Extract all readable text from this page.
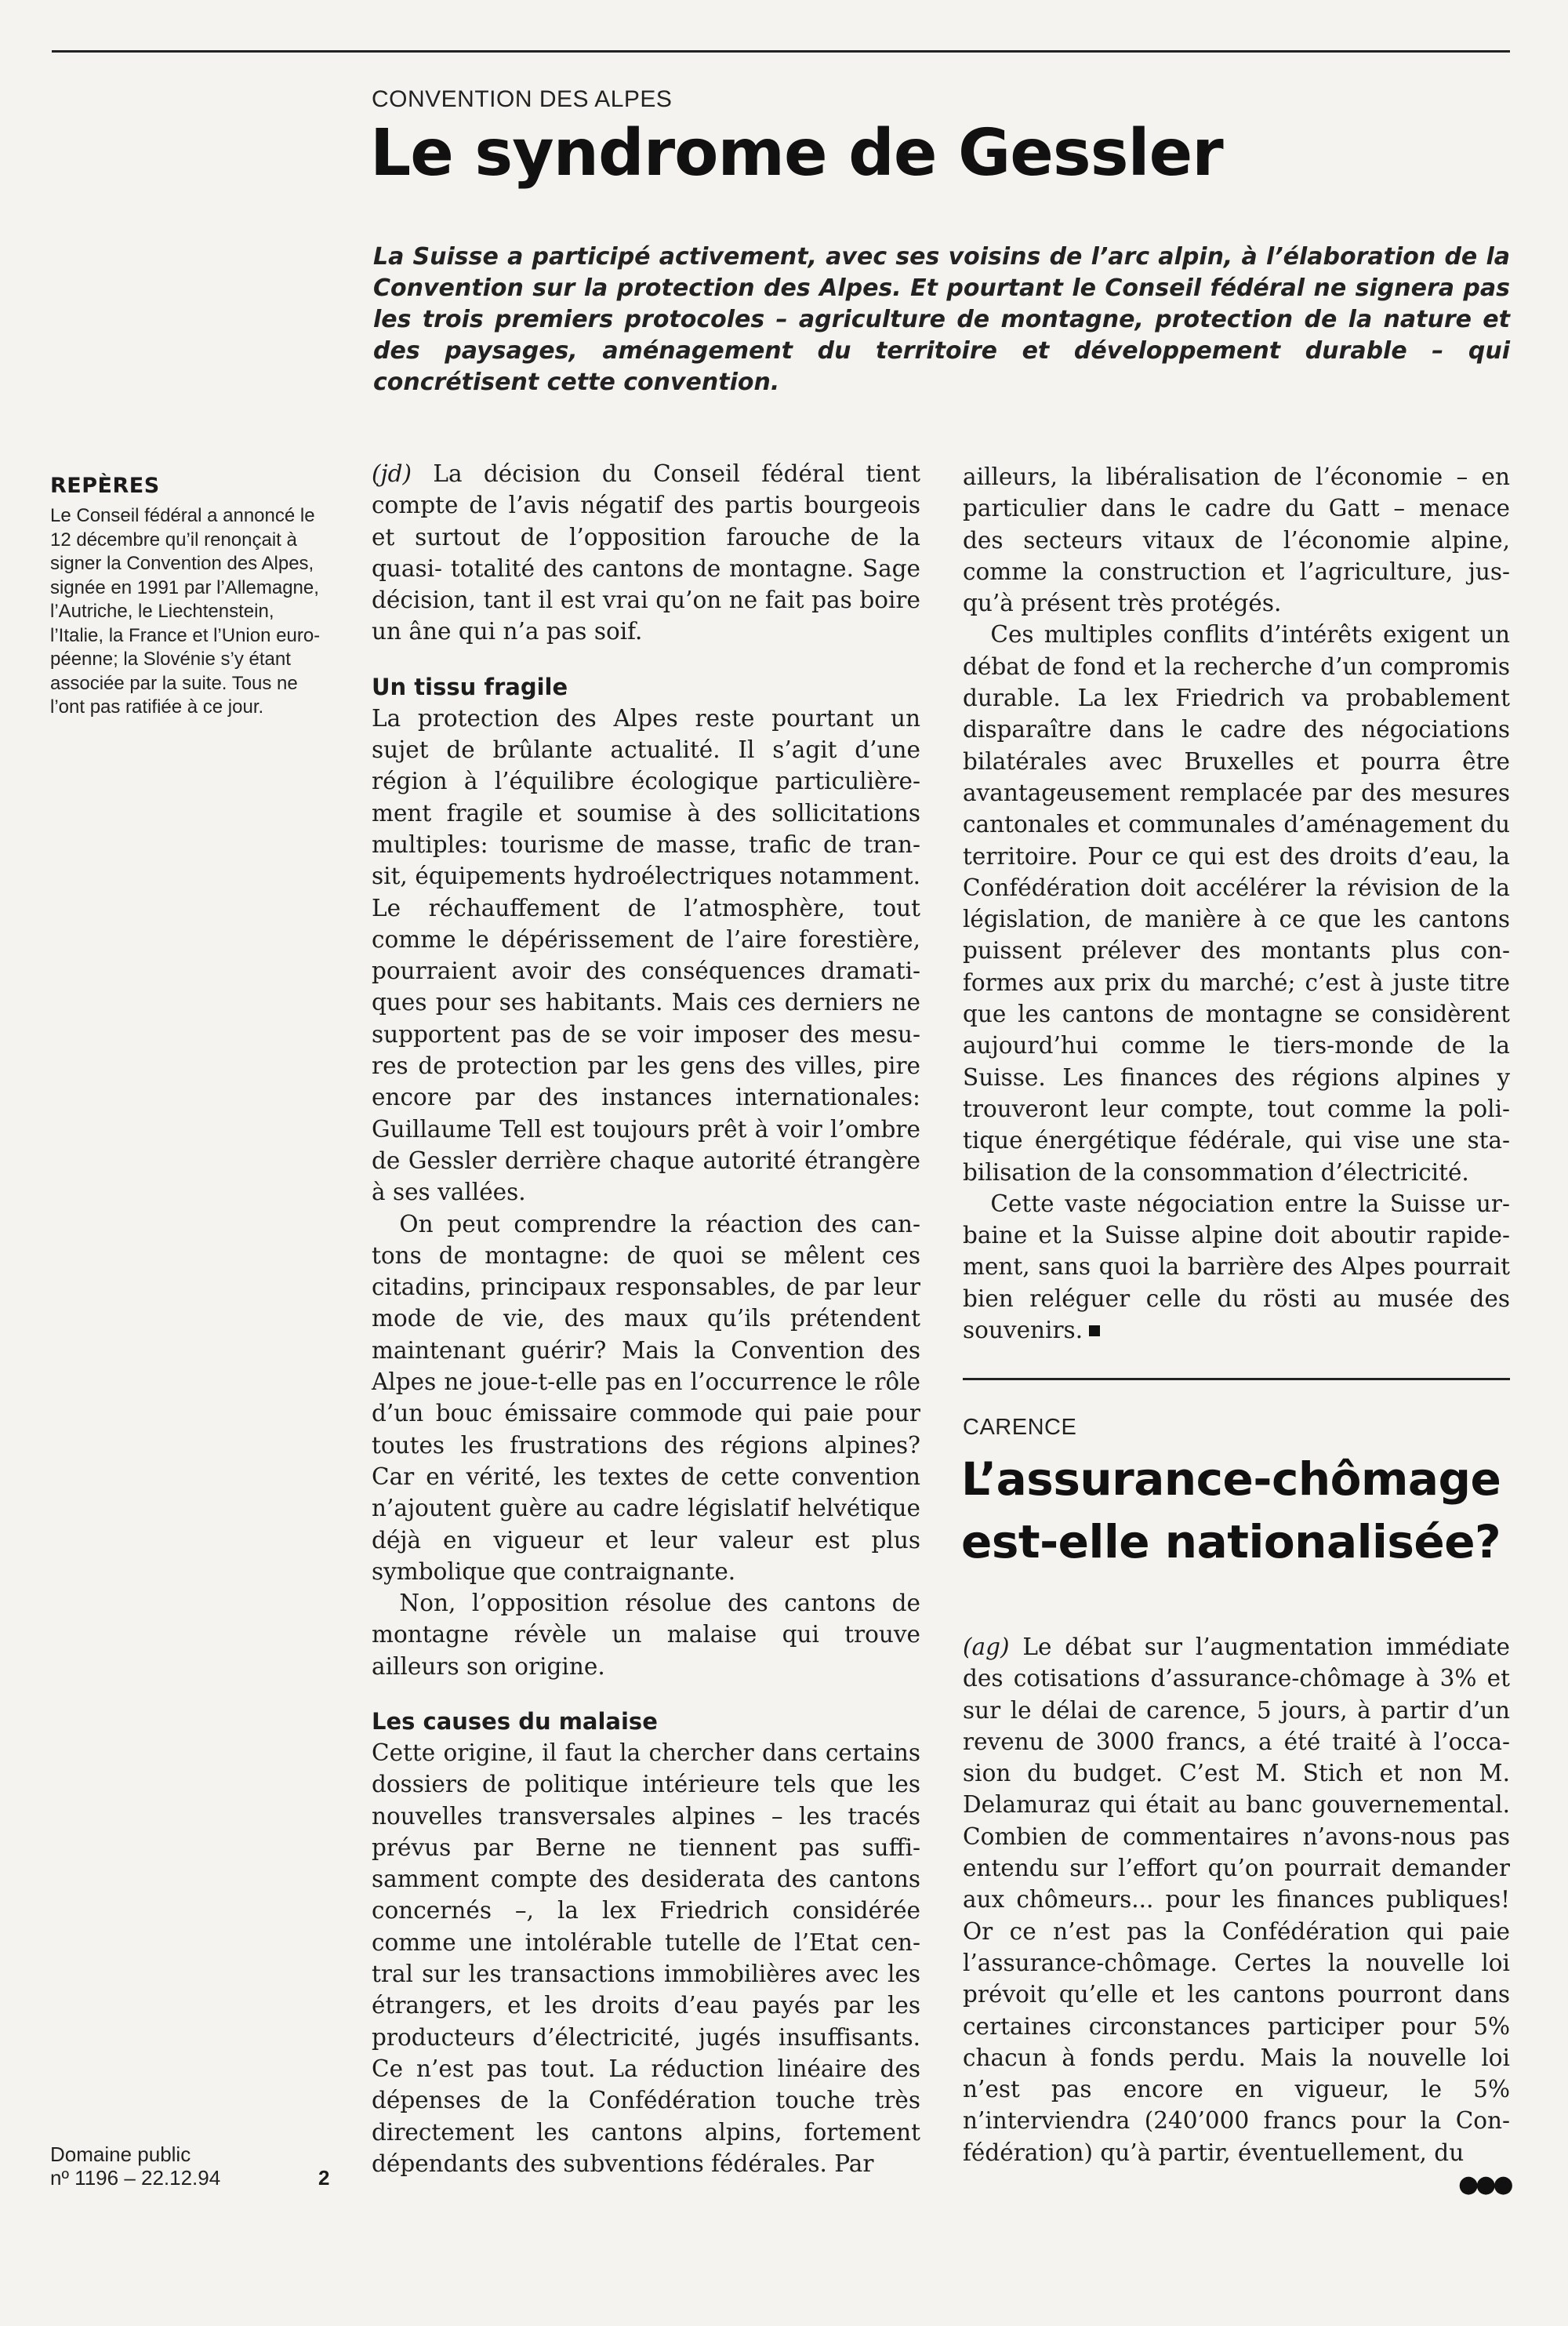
CONVENTION DES ALPES
Le syndrome de Gessler

La Suisse a participé activement, avec ses voisins de l’arc alpin, à l’élaboration de la Convention sur la protection des Alpes. Et pourtant le Conseil fédéral ne signera pas les trois premiers protocoles – agriculture de montagne, protection de la nature et des paysages, aménagement du territoire et développement durable – qui concrétisent cette convention.

REPÈRES

Le Conseil fédéral a annoncé le 12 décembre qu’il renonçait à signer la Convention des Alpes, signée en 1991 par l’Allemagne, l’Autriche, le Liechtenstein, l’Italie, la France et l’Union européenne; la Slovénie s’y étant associée par la suite. Tous ne l’ont pas ratifiée à ce jour.

(jd) La décision du Conseil fédéral tient compte de l’avis négatif des partis bourgeois et surtout de l’opposition farouche de la quasi- totalité des cantons de montagne. Sage décision, tant il est vrai qu’on ne fait pas boire un âne qui n’a pas soif.

Un tissu fragile

La protection des Alpes reste pourtant un sujet de brûlante actualité. Il s’agit d’une région à l’équilibre écologique particulièrement fragile et soumise à des sollicitations multiples: tourisme de masse, trafic de transit, équipements hydroélectriques notamment. Le réchauffement de l’atmosphère, tout comme le dépérissement de l’aire forestière, pourraient avoir des conséquences dramatiques pour ses habitants. Mais ces derniers ne supportent pas de se voir imposer des mesures de protection par les gens des villes, pire encore par des instances internationales: Guillaume Tell est toujours prêt à voir l’ombre de Gessler derrière chaque autorité étrangère à ses vallées.

On peut comprendre la réaction des cantons de montagne: de quoi se mêlent ces citadins, principaux responsables, de par leur mode de vie, des maux qu’ils prétendent maintenant guérir? Mais la Convention des Alpes ne joue-t-elle pas en l’occurrence le rôle d’un bouc émissaire commode qui paie pour toutes les frustrations des régions alpines? Car en vérité, les textes de cette convention n’ajoutent guère au cadre législatif helvétique déjà en vigueur et leur valeur est plus symbolique que contraignante.

Non, l’opposition résolue des cantons de montagne révèle un malaise qui trouve ailleurs son origine.

Les causes du malaise

Cette origine, il faut la chercher dans certains dossiers de politique intérieure tels que les nouvelles transversales alpines – les tracés prévus par Berne ne tiennent pas suffisamment compte des desiderata des cantons concernés –, la lex Friedrich considérée comme une intolérable tutelle de l’Etat central sur les transactions immobilières avec les étrangers, et les droits d’eau payés par les producteurs d’électricité, jugés insuffisants. Ce n’est pas tout. La réduction linéaire des dépenses de la Confédération touche très directement les cantons alpins, fortement dépendants des subventions fédérales. Par

ailleurs, la libéralisation de l’économie – en particulier dans le cadre du Gatt – menace des secteurs vitaux de l’économie alpine, comme la construction et l’agriculture, jusqu’à présent très protégés.

Ces multiples conflits d’intérêts exigent un débat de fond et la recherche d’un compromis durable. La lex Friedrich va probablement disparaître dans le cadre des négociations bilatérales avec Bruxelles et pourra être avantageusement remplacée par des mesures cantonales et communales d’aménagement du territoire. Pour ce qui est des droits d’eau, la Confédération doit accélérer la révision de la législation, de manière à ce que les cantons puissent prélever des montants plus conformes aux prix du marché; c’est à juste titre que les cantons de montagne se considèrent aujourd’hui comme le tiers-monde de la Suisse. Les finances des régions alpines y trouveront leur compte, tout comme la politique énergétique fédérale, qui vise une stabilisation de la consommation d’électricité.

Cette vaste négociation entre la Suisse urbaine et la Suisse alpine doit aboutir rapidement, sans quoi la barrière des Alpes pourrait bien reléguer celle du rösti au musée des souvenirs.

CARENCE
L’assurance-chômage est-elle nationalisée?

(ag) Le débat sur l’augmentation immédiate des cotisations d’assurance-chômage à 3% et sur le délai de carence, 5 jours, à partir d’un revenu de 3000 francs, a été traité à l’occasion du budget. C’est M. Stich et non M. Delamuraz qui était au banc gouvernemental. Combien de commentaires n’avons-nous pas entendu sur l’effort qu’on pourrait demander aux chômeurs... pour les finances publiques! Or ce n’est pas la Confédération qui paie l’assurance-chômage. Certes la nouvelle loi prévoit qu’elle et les cantons pourront dans certaines circonstances participer pour 5% chacun à fonds perdu. Mais la nouvelle loi n’est pas encore en vigueur, le 5% n’interviendra (240’000 francs pour la Confédération) qu’à partir, éventuellement, du

●●●
Domaine public
nº 1196 – 22.12.94	2
